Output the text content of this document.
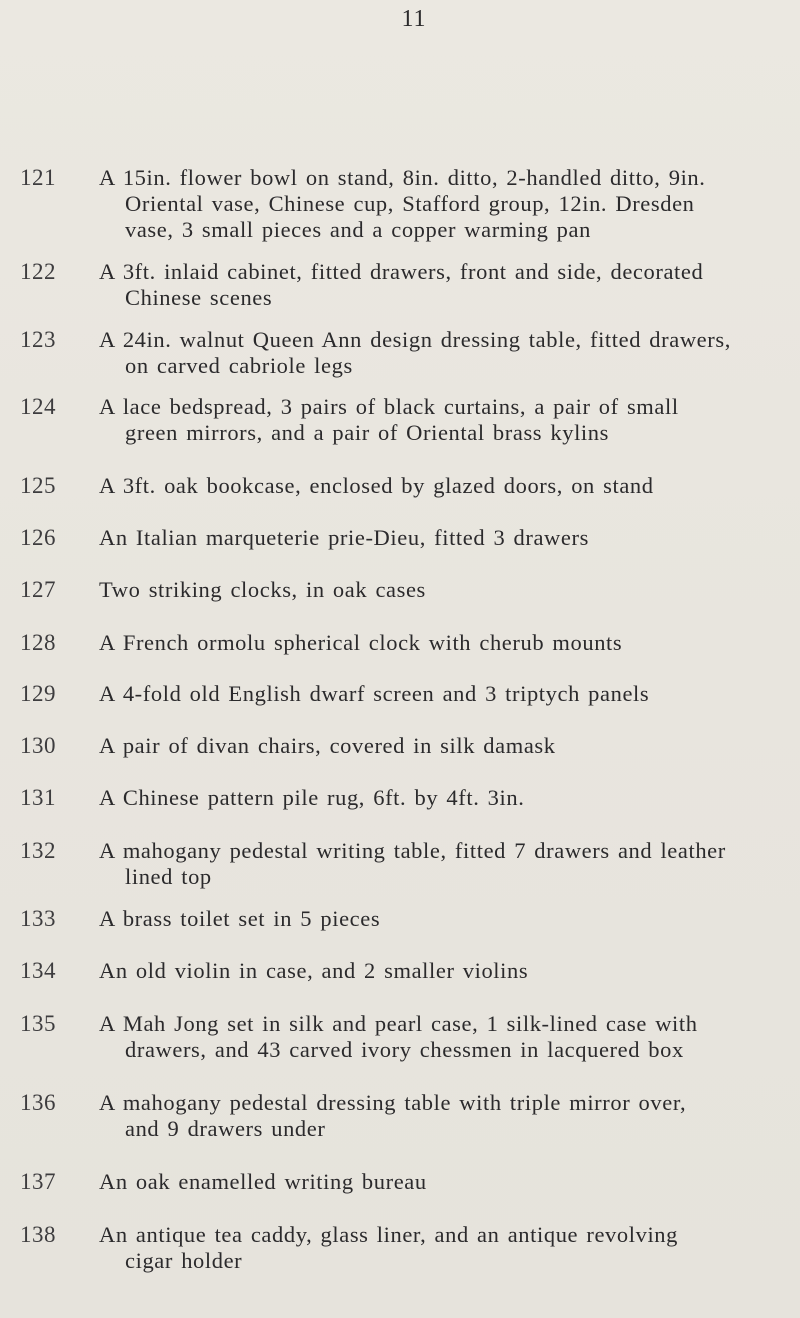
11
121	A 15in. flower bowl on stand, 8in. ditto, 2-handled ditto, 9in.
Oriental vase, Chinese cup, Stafford group, 12in. Dresden
vase, 3 small pieces and a copper warming pan
122	A 3ft. inlaid cabinet, fitted drawers, front and side, decorated
Chinese scenes
123	A 24in. walnut Queen Ann design dressing table, fitted drawers,
on carved cabriole legs
124	A lace bedspread, 3 pairs of black curtains, a pair of small
green mirrors, and a pair of Oriental brass kylins
125	A 3ft. oak bookcase, enclosed by glazed doors, on stand
126	An Italian marqueterie prie-Dieu, fitted 3 drawers
127	Two striking clocks, in oak cases
128	A French ormolu spherical clock with cherub mounts
129	A 4-fold old English dwarf screen and 3 triptych panels
130	A pair of divan chairs, covered in silk damask
131	A Chinese pattern pile rug, 6ft. by 4ft. 3in.
132	A mahogany pedestal writing table, fitted 7 drawers and leather
lined top
133	A brass toilet set in 5 pieces
134	An old violin in case, and 2 smaller violins
135	A Mah Jong set in silk and pearl case, 1 silk-lined case with
drawers, and 43 carved ivory chessmen in lacquered box
136	A mahogany pedestal dressing table with triple mirror over,
and 9 drawers under
137	An oak enamelled writing bureau
138	An antique tea caddy, glass liner, and an antique revolving
cigar holder
